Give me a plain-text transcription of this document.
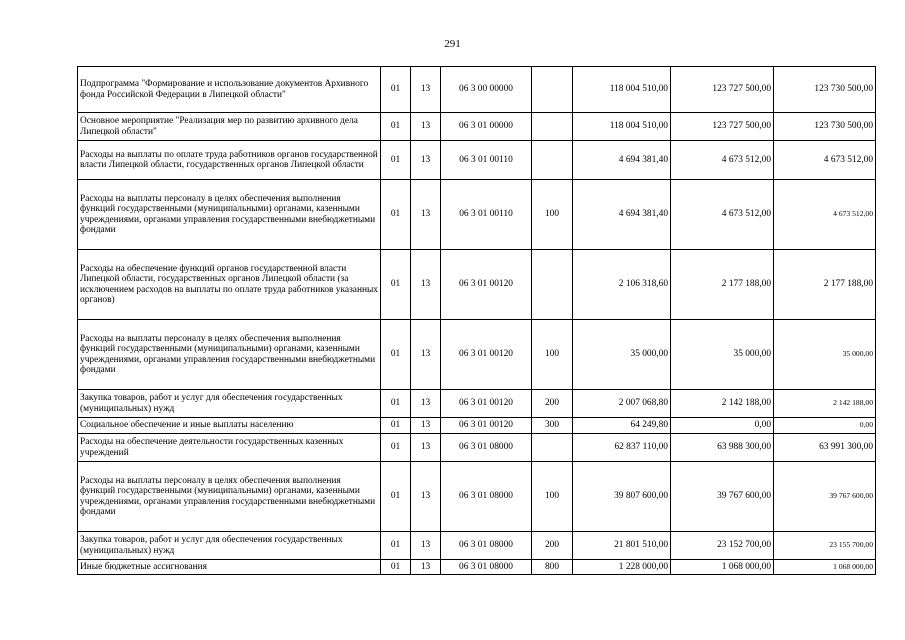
291
Подпрограмма "Формирование и использование документов Архивного фонда Российской Федерации в Липецкой области"	01	13	06 3 00 00000		118 004 510,00	123 727 500,00	123 730 500,00
Основное мероприятие "Реализация мер по развитию архивного дела Липецкой области"	01	13	06 3 01 00000		118 004 510,00	123 727 500,00	123 730 500,00
Расходы на выплаты по оплате труда работников органов государственной власти Липецкой области, государственных органов Липецкой области	01	13	06 3 01 00110		4 694 381,40	4 673 512,00	4 673 512,00
Расходы на выплаты персоналу в целях обеспечения выполнения функций государственными (муниципальными) органами, казенными учреждениями, органами управления государственными внебюджетными фондами	01	13	06 3 01 00110	100	4 694 381,40	4 673 512,00	4 673 512,00
Расходы на обеспечение функций органов государственной власти Липецкой области, государственных органов Липецкой области (за исключением расходов на выплаты по оплате труда работников указанных органов)	01	13	06 3 01 00120		2 106 318,60	2 177 188,00	2 177 188,00
Расходы на выплаты персоналу в целях обеспечения выполнения функций государственными (муниципальными) органами, казенными учреждениями, органами управления государственными внебюджетными фондами	01	13	06 3 01 00120	100	35 000,00	35 000,00	35 000,00
Закупка товаров, работ и услуг для обеспечения государственных (муниципальных) нужд	01	13	06 3 01 00120	200	2 007 068,80	2 142 188,00	2 142 188,00
Социальное обеспечение и иные выплаты населению	01	13	06 3 01 00120	300	64 249,80	0,00	0,00
Расходы на обеспечение деятельности государственных казенных учреждений	01	13	06 3 01 08000		62 837 110,00	63 988 300,00	63 991 300,00
Расходы на выплаты персоналу в целях обеспечения выполнения функций государственными (муниципальными) органами, казенными учреждениями, органами управления государственными внебюджетными фондами	01	13	06 3 01 08000	100	39 807 600,00	39 767 600,00	39 767 600,00
Закупка товаров, работ и услуг для обеспечения государственных (муниципальных) нужд	01	13	06 3 01 08000	200	21 801 510,00	23 152 700,00	23 155 700,00
Иные бюджетные ассигнования	01	13	06 3 01 08000	800	1 228 000,00	1 068 000,00	1 068 000,00
